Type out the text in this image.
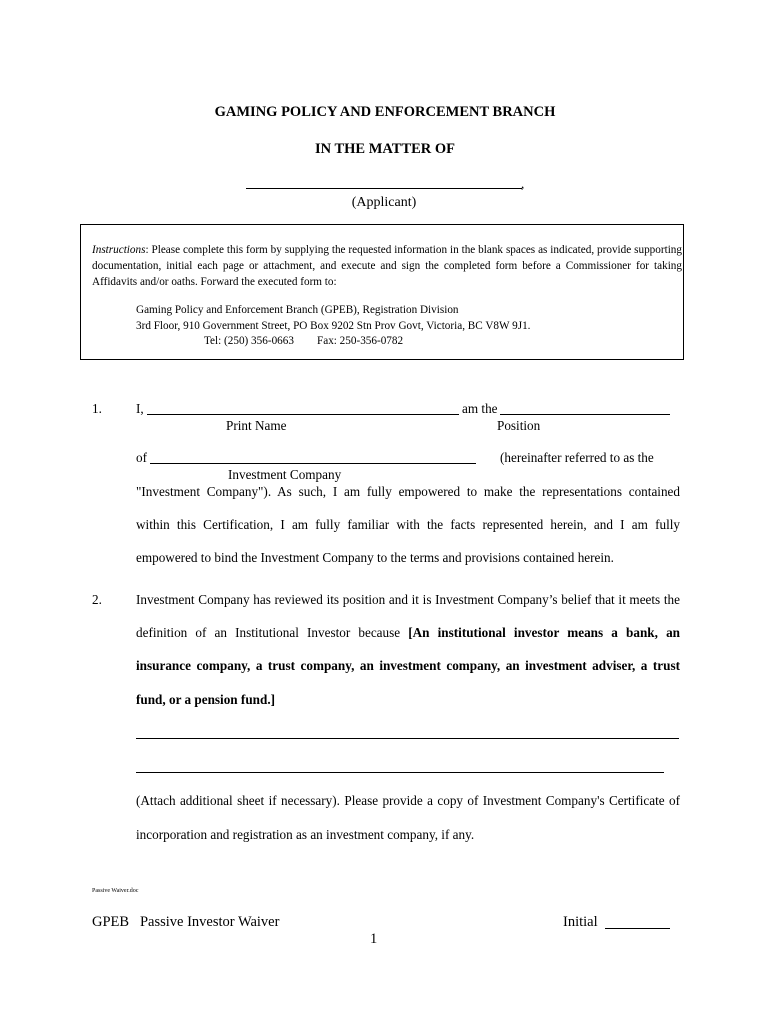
GAMING POLICY AND ENFORCEMENT BRANCH
IN THE MATTER OF
,
(Applicant)
Instructions: Please complete this form by supplying the requested information in the blank spaces as indicated, provide supporting documentation, initial each page or attachment, and execute and sign the completed form before a Commissioner for taking Affidavits and/or oaths. Forward the executed form to:
Gaming Policy and Enforcement Branch (GPEB), Registration Division
3rd Floor, 910 Government Street, PO Box 9202 Stn Prov Govt, Victoria, BC V8W 9J1.
Tel: (250) 356-0663 Fax: 250-356-0782
1.	I,	am the
Print Name	Position
of	(hereinafter referred to as the
Investment Company
"Investment Company"). As such, I am fully empowered to make the representations contained
within this Certification, I am fully familiar with the facts represented herein, and I am fully
empowered to bind the Investment Company to the terms and provisions contained herein.
2.	Investment Company has reviewed its position and it is Investment Company’s belief that it meets the
definition of an Institutional Investor because [An institutional investor means a bank, an
insurance company, a trust company, an investment company, an investment adviser, a trust
fund, or a pension fund.]
(Attach additional sheet if necessary). Please provide a copy of Investment Company's Certificate of
incorporation and registration as an investment company, if any.
Passive Waiver.doc
GPEB   Passive Investor Waiver	Initial
1
